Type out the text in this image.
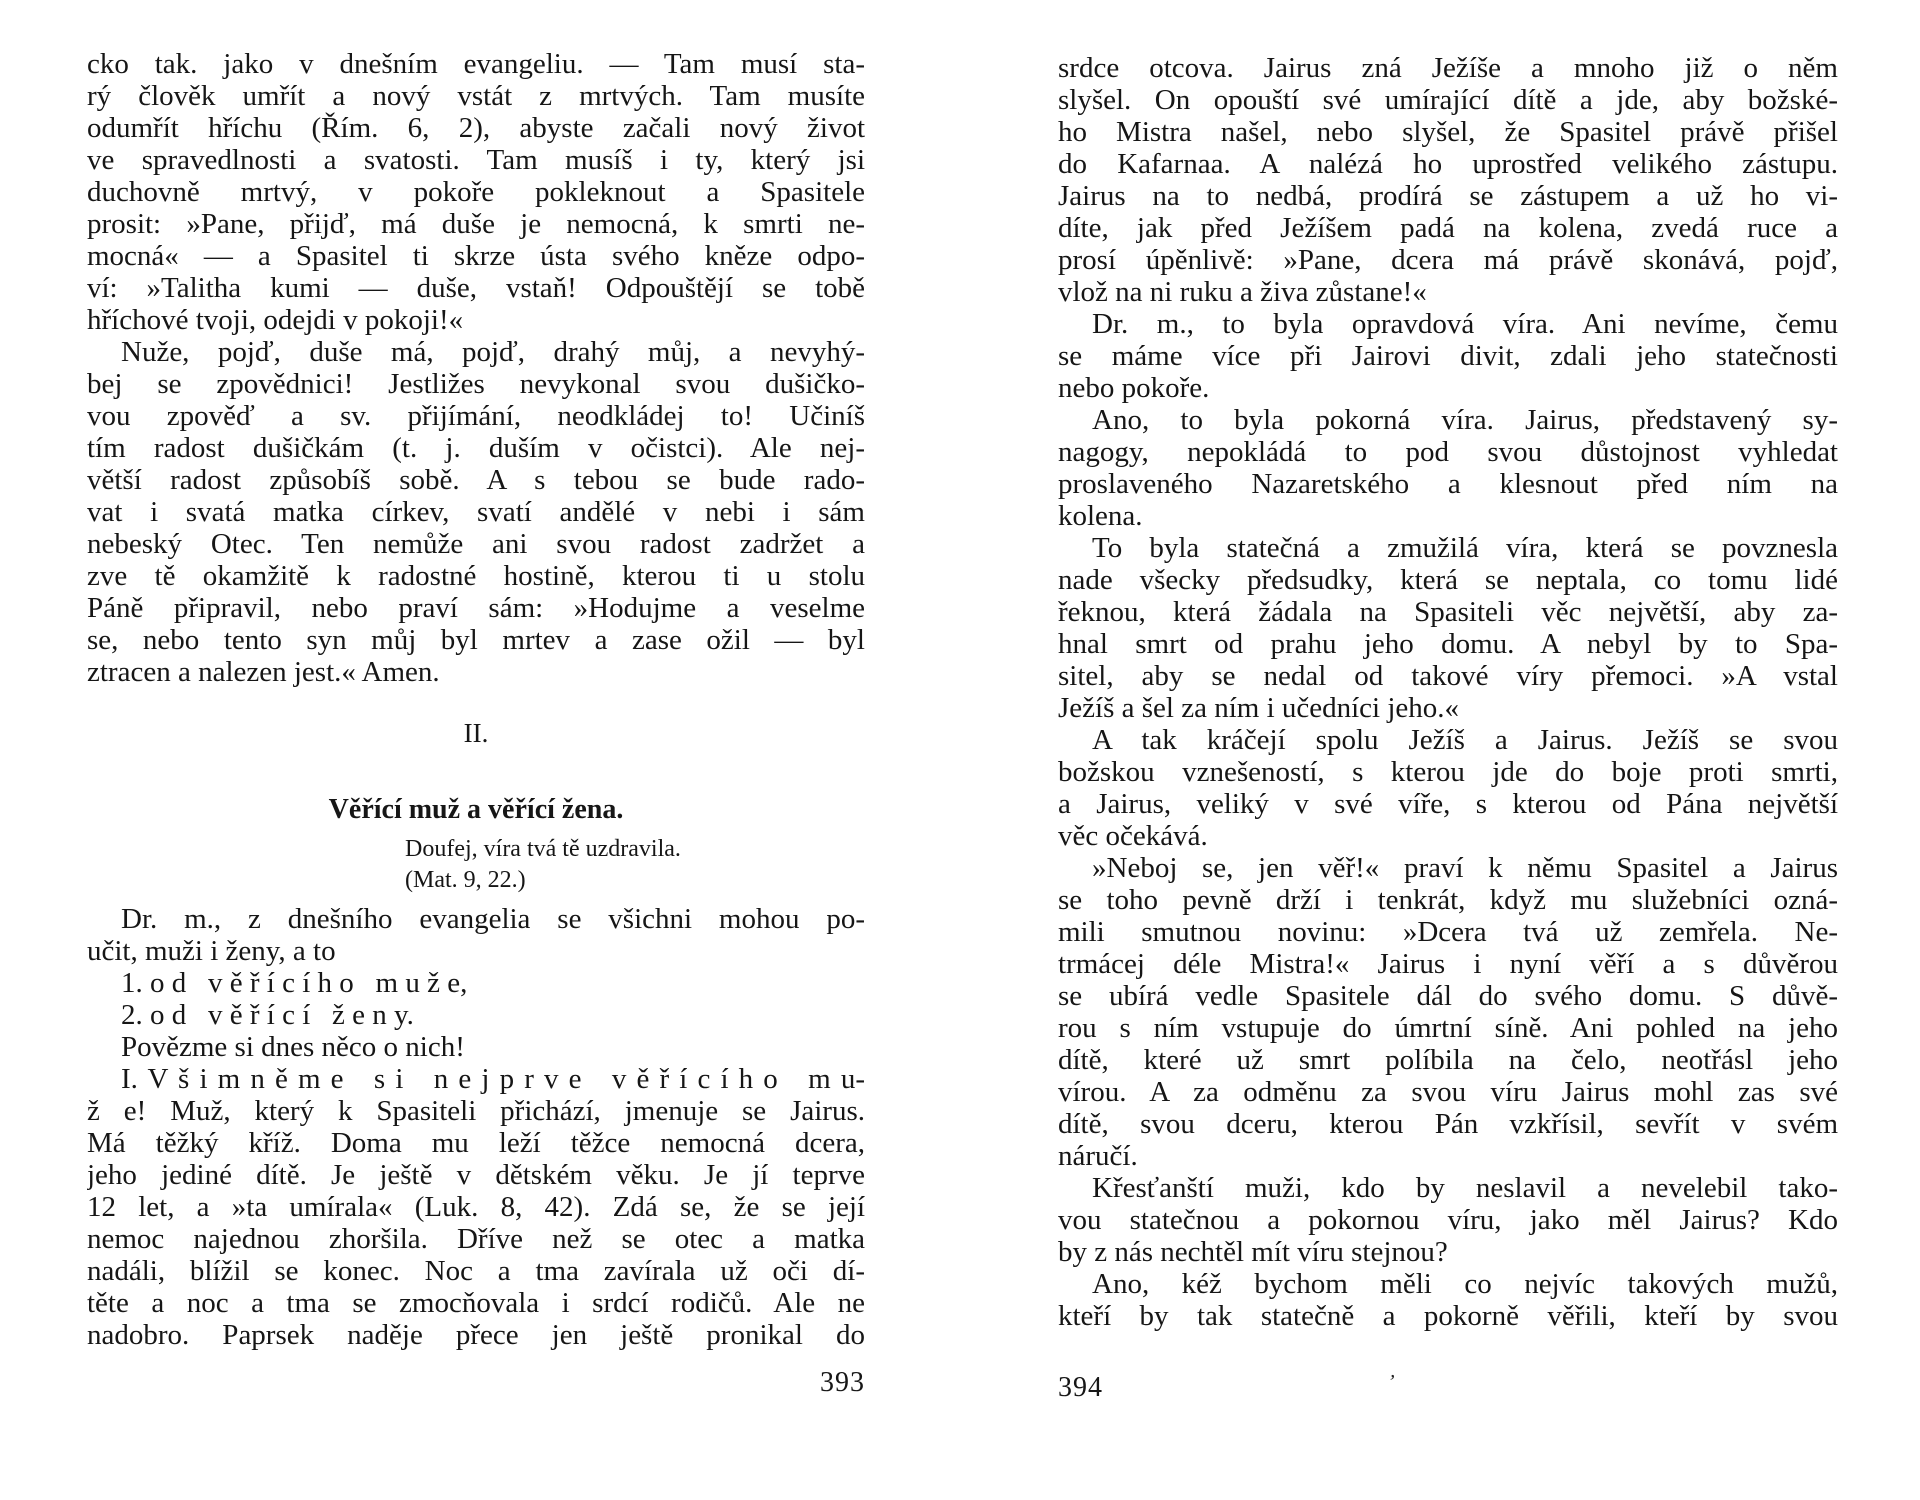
cko tak. jako v dnešním evangeliu. — Tam musí sta-
rý člověk umřít a nový vstát z mrtvých. Tam musíte
odumřít hříchu (Řím. 6, 2), abyste začali nový život
ve spravedlnosti a svatosti. Tam musíš i ty, který jsi
duchovně mrtvý, v pokoře pokleknout a Spasitele
prosit: »Pane, přijď, má duše je nemocná, k smrti ne-
mocná« — a Spasitel ti skrze ústa svého kněze odpo-
ví: »Talitha kumi — duše, vstaň! Odpouštějí se tobě
hříchové tvoji, odejdi v pokoji!«
Nuže, pojď, duše má, pojď, drahý můj, a nevyhý-
bej se zpovědnici! Jestližes nevykonal svou dušičko-
vou zpověď a sv. přijímání, neodkládej to! Učiníš
tím radost dušičkám (t. j. duším v očistci). Ale nej-
větší radost způsobíš sobě. A s tebou se bude rado-
vat i svatá matka církev, svatí andělé v nebi i sám
nebeský Otec. Ten nemůže ani svou radost zadržet a
zve tě okamžitě k radostné hostině, kterou ti u stolu
Páně připravil, nebo praví sám: »Hodujme a veselme
se, nebo tento syn můj byl mrtev a zase ožil — byl
ztracen a nalezen jest.« Amen.
II.
Věřící muž a věřící žena.
Doufej, víra tvá tě uzdravila.
(Mat. 9, 22.)
Dr. m., z dnešního evangelia se všichni mohou po-
učit, muži i ženy, a to
1. o d   v ě ř í c í h o   m u ž e,
2. o d   v ě ř í c í   ž e n y.
Povězme si dnes něco o nich!
I. V š i m n ě m e   s i   n e j p r v e   v ě ř í c í h o   m u-
ž e! Muž, který k Spasiteli přichází, jmenuje se Jairus.
Má těžký kříž. Doma mu leží těžce nemocná dcera,
jeho jediné dítě. Je ještě v dětském věku. Je jí teprve
12 let, a »ta umírala« (Luk. 8, 42). Zdá se, že se její
nemoc najednou zhoršila. Dříve než se otec a matka
nadáli, blížil se konec. Noc a tma zavírala už oči dí-
těte a noc a tma se zmocňovala i srdcí rodičů. Ale ne
nadobro. Paprsek naděje přece jen ještě pronikal do
srdce otcova. Jairus zná Ježíše a mnoho již o něm
slyšel. On opouští své umírající dítě a jde, aby božské-
ho Mistra našel, nebo slyšel, že Spasitel právě přišel
do Kafarnaa. A nalézá ho uprostřed velikého zástupu.
Jairus na to nedbá, prodírá se zástupem a už ho vi-
díte, jak před Ježíšem padá na kolena, zvedá ruce a
prosí úpěnlivě: »Pane, dcera má právě skonává, pojď,
vlož na ni ruku a živa zůstane!«
Dr. m., to byla opravdová víra. Ani nevíme, čemu
se máme více při Jairovi divit, zdali jeho statečnosti
nebo pokoře.
Ano, to byla pokorná víra. Jairus, představený sy-
nagogy, nepokládá to pod svou důstojnost vyhledat
proslaveného Nazaretského a klesnout před ním na
kolena.
To byla statečná a zmužilá víra, která se povznesla
nade všecky předsudky, která se neptala, co tomu lidé
řeknou, která žádala na Spasiteli věc největší, aby za-
hnal smrt od prahu jeho domu. A nebyl by to Spa-
sitel, aby se nedal od takové víry přemoci. »A vstal
Ježíš a šel za ním i učedníci jeho.«
A tak kráčejí spolu Ježíš a Jairus. Ježíš se svou
božskou vznešeností, s kterou jde do boje proti smrti,
a Jairus, veliký v své víře, s kterou od Pána největší
věc očekává.
»Neboj se, jen věř!« praví k němu Spasitel a Jairus
se toho pevně drží i tenkrát, když mu služebníci ozná-
mili smutnou novinu: »Dcera tvá už zemřela. Ne-
trmácej déle Mistra!« Jairus i nyní věří a s důvěrou
se ubírá vedle Spasitele dál do svého domu. S důvě-
rou s ním vstupuje do úmrtní síně. Ani pohled na jeho
dítě, které už smrt políbila na čelo, neotřásl jeho
vírou. A za odměnu za svou víru Jairus mohl zas své
dítě, svou dceru, kterou Pán vzkřísil, sevřít v svém
náručí.
Křesťanští muži, kdo by neslavil a nevelebil tako-
vou statečnou a pokornou víru, jako měl Jairus? Kdo
by z nás nechtěl mít víru stejnou?
Ano, kéž bychom měli co nejvíc takových mužů,
kteří by tak statečně a pokorně věřili, kteří by svou
393	394
‚
